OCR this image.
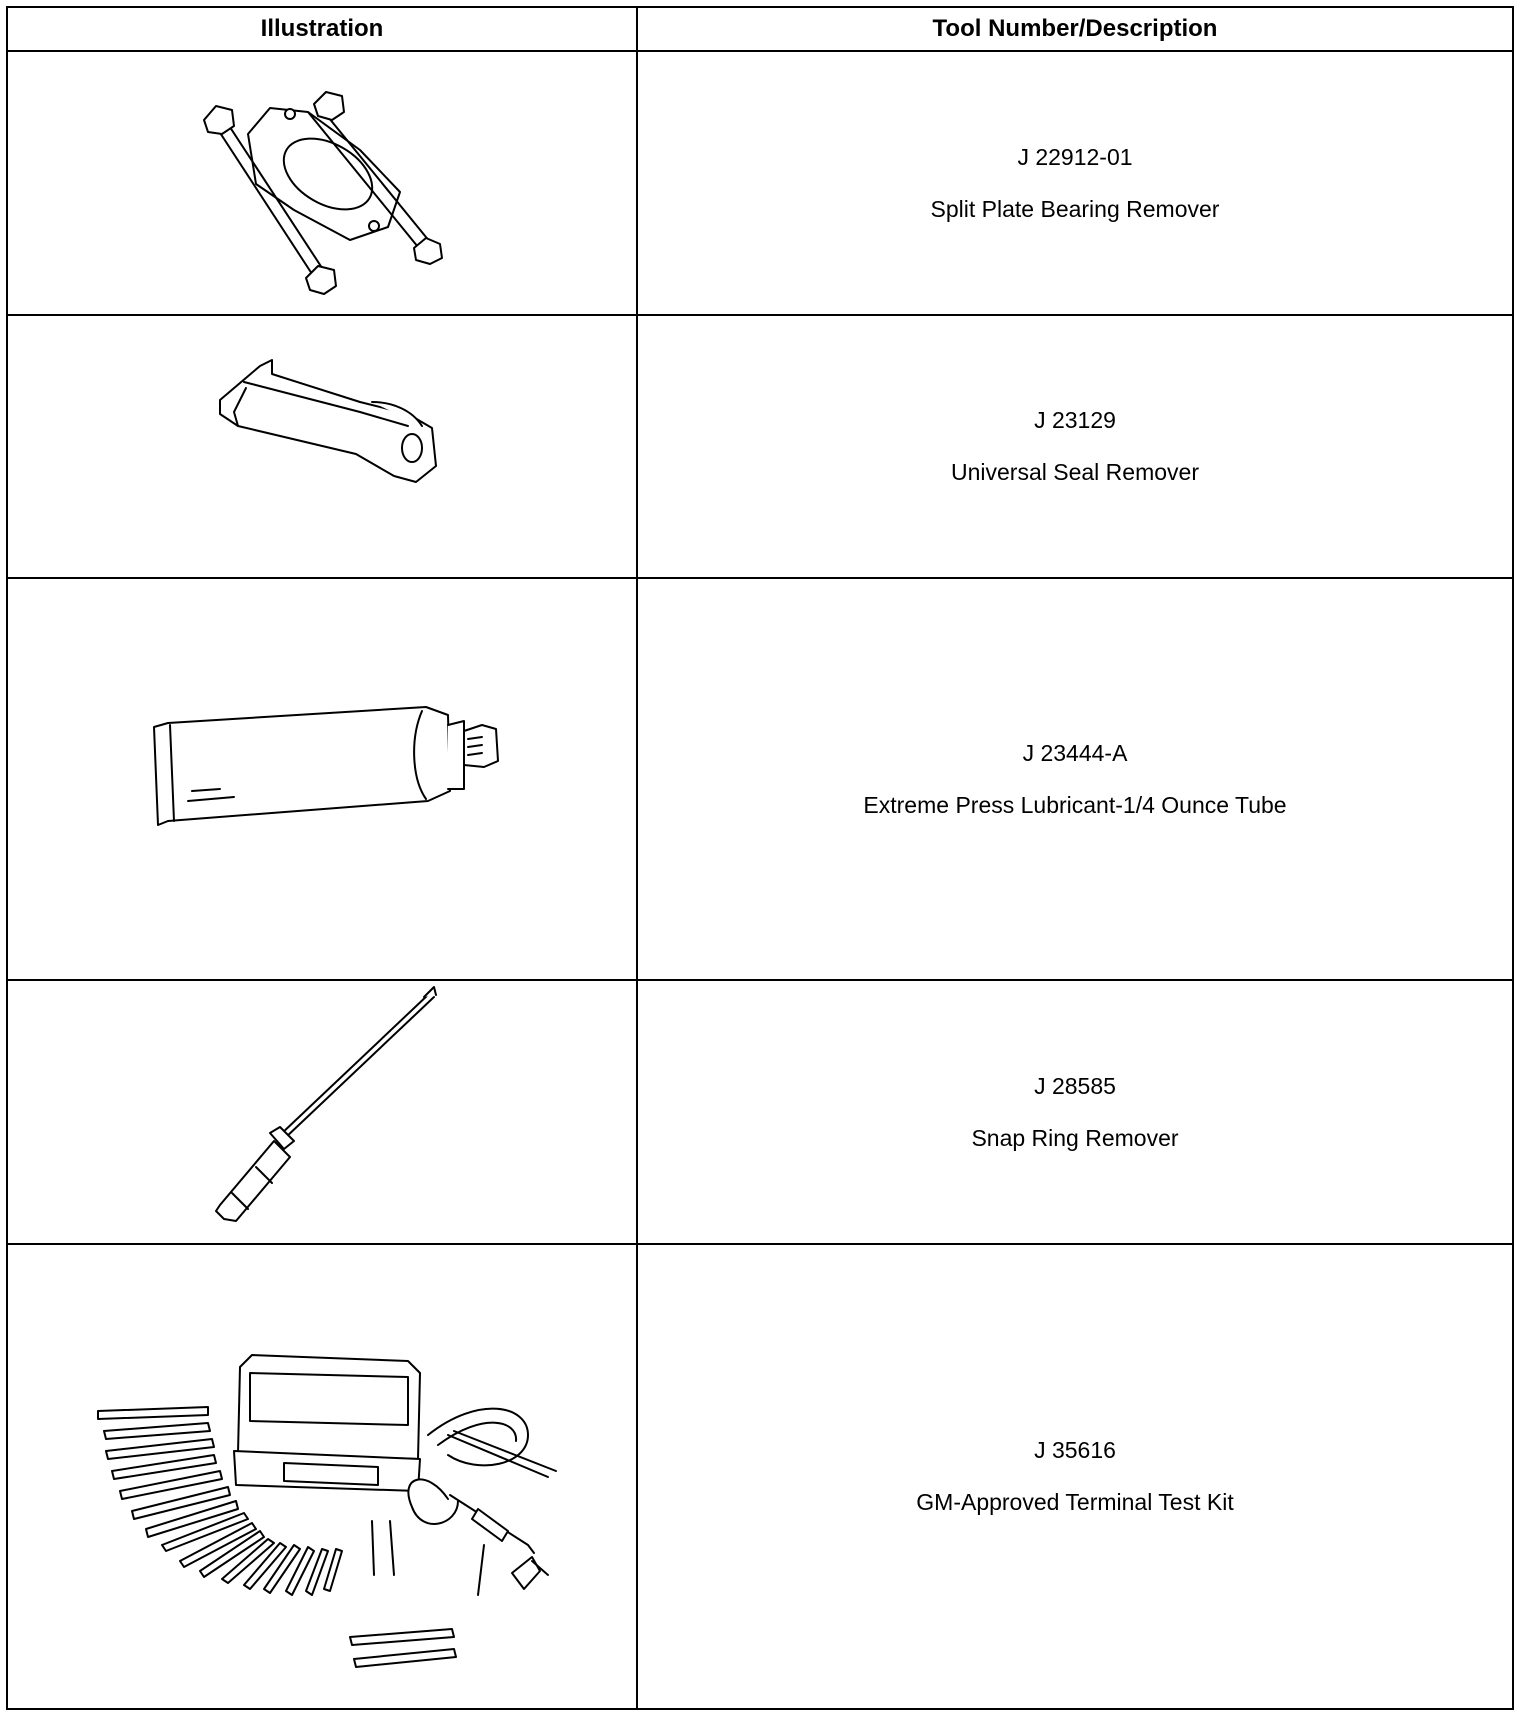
Illustration	Tool Number/Description
J 22912-01
Split Plate Bearing Remover
J 23129
Universal Seal Remover
J 23444-A
Extreme Press Lubricant-1/4 Ounce Tube
J 28585
Snap Ring Remover
J 35616
GM-Approved Terminal Test Kit
